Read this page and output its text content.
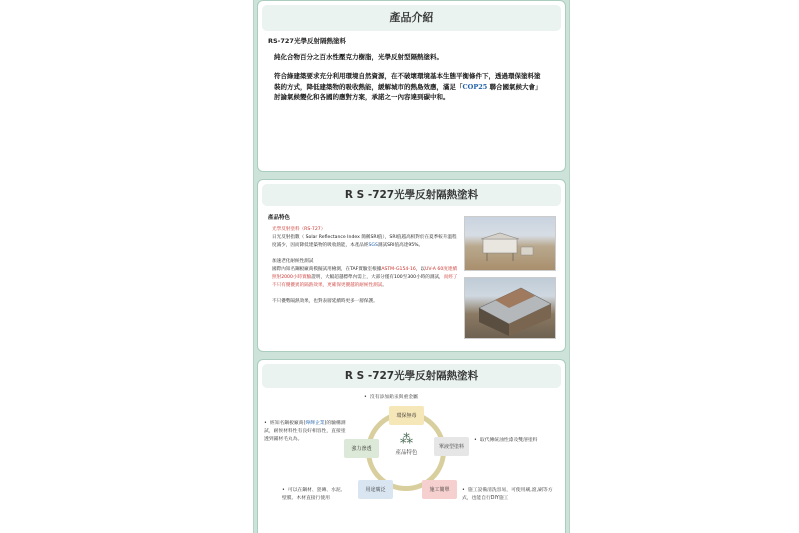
產品介紹
RS-727光學反射隔熱塗料
純化合物百分之百水性壓克力樹脂，光學反射型隔熱塗料。
符合綠建築要求充分利用環境自然資源，在不破壞環境基本生態平衡條件下，透過環保塗料塗裝的方式，降低建築物的吸收熱能，緩解城市的熱島效應，滿足「COP25 聯合國氣候大會」討論氣候變化和各國的應對方案，承諾之一內容達到碳中和。
R S -727光學反射隔熱塗料
產品特色
光學反射塗料（RS-727）
日光反射指數（ Solar Reflectance Index 簡稱SRI值），SRI值越高相對於在夏季較升溫程度減少，因而降低建築物的吸收熱能，本產品經SGS測試SRI值高達95%。
加速老化耐候性測試
國際內知名鋼板廠商模擬試用檢測，在TAF實驗室根據ASTM-G154-16，以UV-A 60度連續照射2000小時實驗證明，大幅超越標準內需上，大部分僅有100至300小時的測試，而經了不只有優優異的隔熱效果，更確保更優越的耐候性測試。
不只優勢隔熱效果，也對表層延續時更多一層保護。
R S -727光學反射隔熱塗料
•  沒有添加鉛汞與重金屬
•  經知名鋼板廠商(燁輝企業)的驗構測試，耐侯材料性有良好相容性，直接塗透到鋪材毛丸為。	•  取代傳統油性漆及雙溶塗料
•  可以在鋼材、瓷磚、水泥、壁膜、木材直接行使用
•  施工設備清洗容易，可使用刷,滾,刷等方式，也能自行DIY施工
⁂
產品特色
環保無毒
單液型塗料
施工簡單
用途廣泛
強力滲透
